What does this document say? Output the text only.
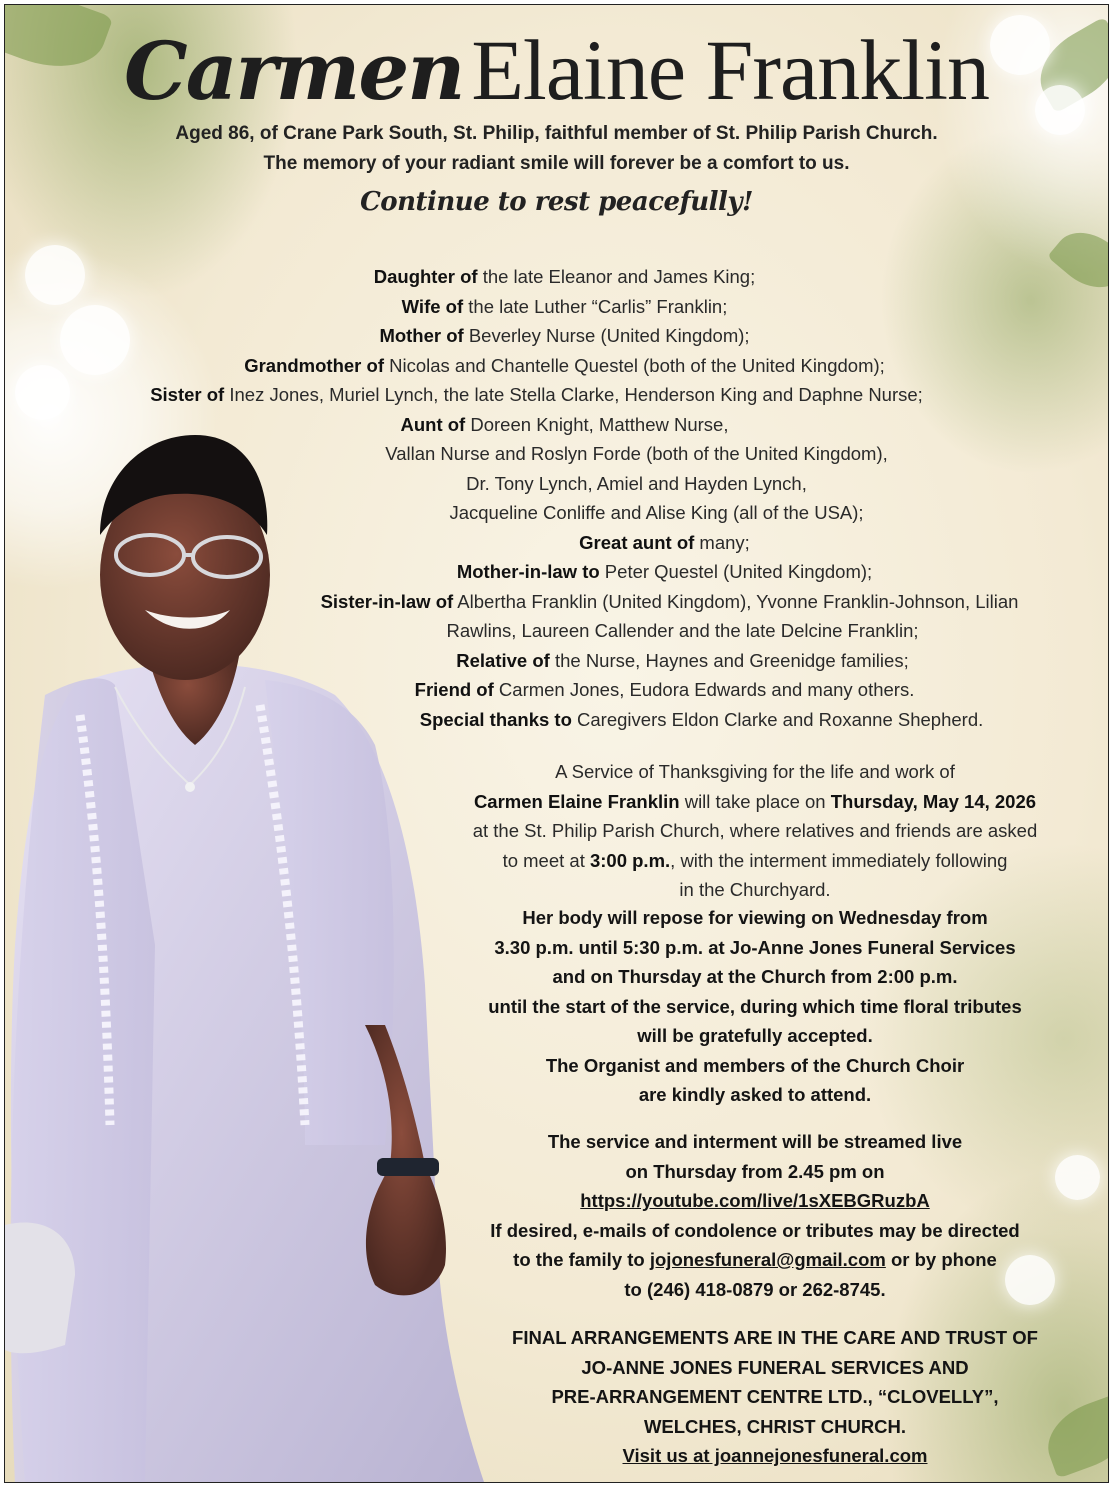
CarmenElaine Franklin
Aged 86, of Crane Park South, St. Philip, faithful member of St. Philip Parish Church.
The memory of your radiant smile will forever be a comfort to us.
Continue to rest peacefully!
Daughter of the late Eleanor and James King;
Wife of the late Luther “Carlis” Franklin;
Mother of Beverley Nurse (United Kingdom);
Grandmother of Nicolas and Chantelle Questel (both of the United Kingdom);
Sister of Inez Jones, Muriel Lynch, the late Stella Clarke, Henderson King and Daphne Nurse;
Aunt of Doreen Knight, Matthew Nurse,
Vallan Nurse and Roslyn Forde (both of the United Kingdom),
Dr. Tony Lynch, Amiel and Hayden Lynch,
Jacqueline Conliffe and Alise King (all of the USA);
Great aunt of many;
Mother-in-law to Peter Questel (United Kingdom);
Sister-in-law of Albertha Franklin (United Kingdom), Yvonne Franklin-Johnson, Lilian
Rawlins, Laureen Callender and the late Delcine Franklin;
Relative of the Nurse, Haynes and Greenidge families;
Friend of Carmen Jones, Eudora Edwards and many others.
Special thanks to Caregivers Eldon Clarke and Roxanne Shepherd.
A Service of Thanksgiving for the life and work of
Carmen Elaine Franklin will take place on Thursday, May 14, 2026
at the St. Philip Parish Church, where relatives and friends are asked
to meet at 3:00 p.m., with the interment immediately following
in the Churchyard.
Her body will repose for viewing on Wednesday from
3.30 p.m. until 5:30 p.m. at Jo-Anne Jones Funeral Services
and on Thursday at the Church from 2:00 p.m.
until the start of the service, during which time floral tributes
will be gratefully accepted.
The Organist and members of the Church Choir
are kindly asked to attend.
The service and interment will be streamed live
on Thursday from 2.45 pm on
https://youtube.com/live/1sXEBGRuzbA
If desired, e-mails of condolence or tributes may be directed
to the family to jojonesfuneral@gmail.com or by phone
to (246) 418-0879 or 262-8745.
FINAL ARRANGEMENTS ARE IN THE CARE AND TRUST OF
JO-ANNE JONES FUNERAL SERVICES AND
PRE-ARRANGEMENT CENTRE LTD., “CLOVELLY”,
WELCHES, CHRIST CHURCH.
Visit us at joannejonesfuneral.com
